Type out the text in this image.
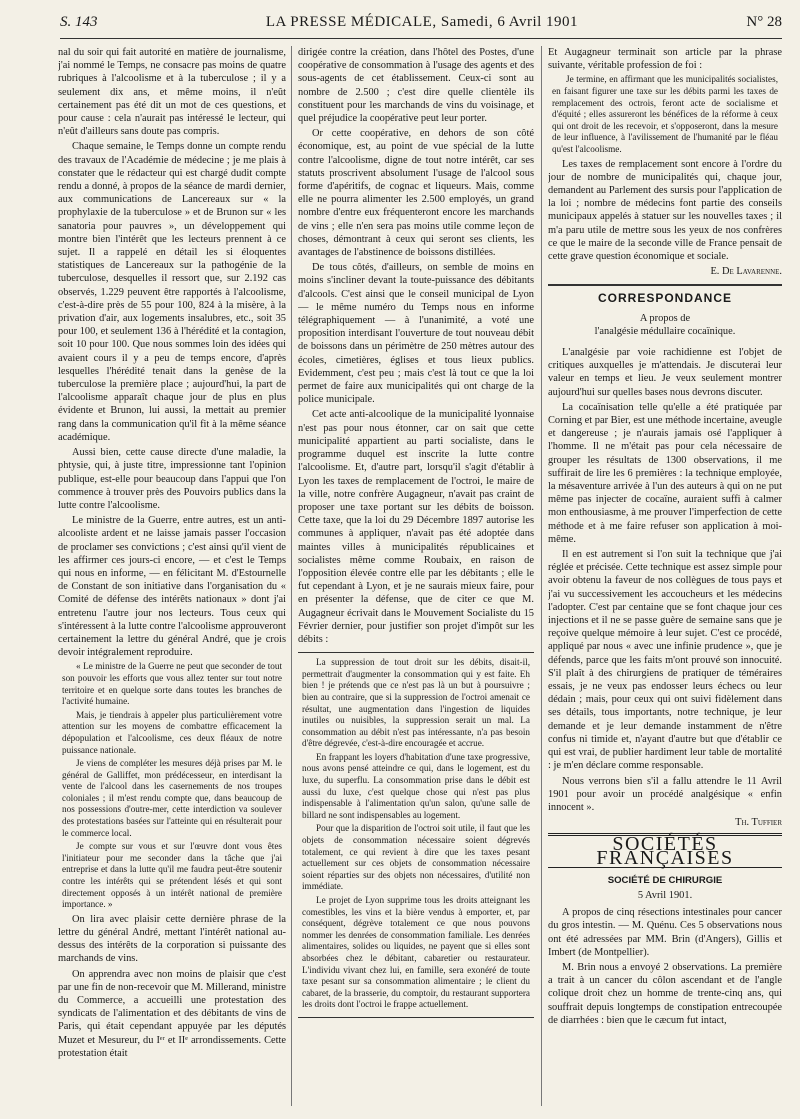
S. 143	LA PRESSE MÉDICALE, Samedi, 6 Avril 1901	N° 28

nal du soir qui fait autorité en matière de journalisme, j'ai nommé le Temps, ne consacre pas moins de quatre rubriques à l'alcoolisme et à la tuberculose ; il y a seulement dix ans, et même moins, il n'eût certainement pas été dit un mot de ces questions, et pour cause : cela n'aurait pas intéressé le lecteur, qui n'eût d'ailleurs sans doute pas compris.

Chaque semaine, le Temps donne un compte rendu des travaux de l'Académie de médecine ; je me plais à constater que le rédacteur qui est chargé dudit compte rendu a donné, à propos de la séance de mardi dernier, aux communications de Lancereaux sur « la prophylaxie de la tuberculose » et de Brunon sur « les sanatoria pour pauvres », un développement qui montre bien l'intérêt que les lecteurs prennent à ce sujet. Il a rappelé en détail les si éloquentes statistiques de Lancereaux sur la pathogénie de la tuberculose, desquelles il ressort que, sur 2.192 cas observés, 1.229 peuvent être rapportés à l'alcoolisme, c'est-à-dire près de 55 pour 100, 824 à la misère, à la privation d'air, aux logements insalubres, etc., soit 35 pour 100, et seulement 136 à l'hérédité et la contagion, soit 10 pour 100. Que nous sommes loin des idées qui avaient cours il y a peu de temps encore, d'après lesquelles l'hérédité tenait dans la genèse de la tuberculose la première place ; aujourd'hui, la part de l'alcoolisme apparaît chaque jour de plus en plus évidente et Brunon, lui aussi, la mettait au premier rang dans la communication qu'il fit à la même séance académique.

Aussi bien, cette cause directe d'une maladie, la phtysie, qui, à juste titre, impressionne tant l'opinion publique, est-elle pour beaucoup dans l'appui que l'on commence à trouver près des Pouvoirs publics dans la lutte contre l'alcoolisme.

Le ministre de la Guerre, entre autres, est un anti-alcooliste ardent et ne laisse jamais passer l'occasion de proclamer ses convictions ; c'est ainsi qu'il vient de les affirmer ces jours-ci encore, — et c'est le Temps qui nous en informe, — en félicitant M. d'Estournelle de Constant de son initiative dans l'organisation du « Comité de défense des intérêts nationaux » dont j'ai entretenu l'autre jour nos lecteurs. Tous ceux qui s'intéressent à la lutte contre l'alcoolisme approuveront certainement la lettre du général André, que je crois devoir intégralement reproduire.

« Le ministre de la Guerre ne peut que seconder de tout son pouvoir les efforts que vous allez tenter sur tout notre territoire et en quelque sorte dans toutes les branches de l'activité humaine.

Mais, je tiendrais à appeler plus particulièrement votre attention sur les moyens de combattre efficacement la dépopulation et l'alcoolisme, ces deux fléaux de notre puissance nationale.

Je viens de compléter les mesures déjà prises par M. le général de Galliffet, mon prédécesseur, en interdisant la vente de l'alcool dans les casernements de nos troupes coloniales ; il m'est rendu compte que, dans beaucoup de nos possessions d'outre-mer, cette interdiction va soulever des protestations basées sur l'atteinte qui en résulterait pour le commerce local.

Je compte sur vous et sur l'œuvre dont vous êtes l'initiateur pour me seconder dans la tâche que j'ai entreprise et dans la lutte qu'il me faudra peut-être soutenir contre les intérêts qui se prétendent lésés et qui sont directement opposés à un intérêt national de première importance. »

On lira avec plaisir cette dernière phrase de la lettre du général André, mettant l'intérêt national au-dessus des intérêts de la corporation si puissante des marchands de vins.

On apprendra avec non moins de plaisir que c'est par une fin de non-recevoir que M. Millerand, ministre du Commerce, a accueilli une protestation des syndicats de l'alimentation et des débitants de vins de Paris, qui était cependant appuyée par les députés Muzet et Mesureur, du Iᵉʳ et IIᵉ arrondissements. Cette protestation était

dirigée contre la création, dans l'hôtel des Postes, d'une coopérative de consommation à l'usage des agents et des sous-agents de cet établissement. Ceux-ci sont au nombre de 2.500 ; c'est dire quelle clientèle ils constituent pour les marchands de vins du voisinage, et quel préjudice la coopérative peut leur porter.

Or cette coopérative, en dehors de son côté économique, est, au point de vue spécial de la lutte contre l'alcoolisme, digne de tout notre intérêt, car ses statuts proscrivent absolument l'usage de l'alcool sous forme d'apéritifs, de cognac et liqueurs. Mais, comme elle ne pourra alimenter les 2.500 employés, un grand nombre d'entre eux fréquenteront encore les marchands de vins ; elle n'en sera pas moins utile comme leçon de choses, démontrant à ceux qui seront ses clients, les avantages de l'abstinence de boissons distillées.

De tous côtés, d'ailleurs, on semble de moins en moins s'incliner devant la toute-puissance des débitants d'alcools. C'est ainsi que le conseil municipal de Lyon — le même numéro du Temps nous en informe télégraphiquement — à l'unanimité, a voté une proposition interdisant l'ouverture de tout nouveau débit de boissons dans un périmètre de 250 mètres autour des écoles, cimetières, églises et tous lieux publics. Evidemment, c'est peu ; mais c'est là tout ce que la loi permet de faire aux municipalités qui ont charge de la police municipale.

Cet acte anti-alcoolique de la municipalité lyonnaise n'est pas pour nous étonner, car on sait que cette municipalité appartient au parti socialiste, dans le programme duquel est inscrite la lutte contre l'alcoolisme. Et, d'autre part, lorsqu'il s'agit d'établir à Lyon les taxes de remplacement de l'octroi, le maire de la ville, notre confrère Augagneur, n'avait pas craint de proposer une taxe portant sur les débits de boisson. Cette taxe, que la loi du 29 Décembre 1897 autorise les communes à appliquer, n'avait pas été adoptée dans maintes villes à municipalités républicaines et socialistes même comme Roubaix, en raison de l'opposition élevée contre elle par les débitants ; elle le fut cependant à Lyon, et je ne saurais mieux faire, pour en présenter la défense, que de citer ce que M. Augagneur écrivait dans le Mouvement Socialiste du 15 Février dernier, pour justifier son projet d'impôt sur les débits :

La suppression de tout droit sur les débits, disait-il, permettrait d'augmenter la consommation qui y est faite. Eh bien ! je prétends que ce n'est pas là un but à poursuivre ; bien au contraire, que si la suppression de l'octroi amenait ce résultat, une augmentation dans l'ingestion de liquides inutiles ou nuisibles, la suppression serait un mal. La consommation au débit n'est pas intéressante, n'a pas besoin d'être dégrevée, c'est-à-dire encouragée et accrue.

En frappant les loyers d'habitation d'une taxe progressive, nous avons pensé atteindre ce qui, dans le logement, est du luxe, du superflu. La consommation prise dans le débit est aussi du luxe, c'est quelque chose qui n'est pas plus indispensable à l'alimentation qu'un salon, qu'une salle de billard ne sont indispensables au logement.

Pour que la disparition de l'octroi soit utile, il faut que les objets de consommation nécessaire soient dégrevés totalement, ce qui revient à dire que les taxes pesant actuellement sur ces objets de consommation nécessaire soient réparties sur des objets non nécessaires, d'utilité non immédiate.

Le projet de Lyon supprime tous les droits atteignant les comestibles, les vins et la bière vendus à emporter, et, par conséquent, dégrève totalement ce que nous pouvons nommer les denrées de consommation familiale. Les denrées alimentaires, solides ou liquides, ne payent que si elles sont absorbées chez le débitant, cabaretier ou restaurateur. L'individu vivant chez lui, en famille, sera exonéré de toute taxe pesant sur sa consommation alimentaire ; le client du cabaret, de la brasserie, du comptoir, du restaurant supportera les droits dont l'octroi le frappe actuellement.

Et Augagneur terminait son article par la phrase suivante, véritable profession de foi :

Je termine, en affirmant que les municipalités socialistes, en faisant figurer une taxe sur les débits parmi les taxes de remplacement des octrois, feront acte de socialisme et d'équité ; elles assureront les bénéfices de la réforme à ceux qui ont droit de les recevoir, et s'opposeront, dans la mesure de leur influence, à l'avilissement de l'humanité par le fléau qu'est l'alcoolisme.

Les taxes de remplacement sont encore à l'ordre du jour de nombre de municipalités qui, chaque jour, demandent au Parlement des sursis pour l'application de la loi ; nombre de médecins font partie des conseils municipaux appelés à statuer sur les nouvelles taxes ; il m'a paru utile de mettre sous les yeux de nos confrères ce que le maire de la seconde ville de France pensait de cette grave question économique et sociale.

E. De Lavarenne.
CORRESPONDANCE
A propos de
l'analgésie médullaire cocaïnique.

L'analgésie par voie rachidienne est l'objet de critiques auxquelles je m'attendais. Je discuterai leur valeur en temps et lieu. Je veux seulement montrer aujourd'hui sur quelles bases nous devrons discuter.

La cocaïnisation telle qu'elle a été pratiquée par Corning et par Bier, est une méthode incertaine, aveugle et dangereuse ; je n'aurais jamais osé l'appliquer à l'homme. Il ne m'était pas pour cela nécessaire de grouper les résultats de 1300 observations, il me suffirait de lire les 6 premières : la technique employée, la mésaventure arrivée à l'un des auteurs à qui on ne put même pas injecter de cocaïne, auraient suffi à calmer mon enthousiasme, à me prouver l'imperfection de cette méthode et à me faire refuser son application à moi-même.

Il en est autrement si l'on suit la technique que j'ai réglée et précisée. Cette technique est assez simple pour avoir obtenu la faveur de nos collègues de tous pays et j'ai vu successivement les accoucheurs et les médecins l'adopter. C'est par centaine que se font chaque jour ces injections et il ne se passe guère de semaine sans que je reçoive quelque mémoire à leur sujet. C'est ce procédé, appliqué par nous « avec une infinie prudence », que je défends, parce que les faits m'ont prouvé son innocuité. S'il plaît à des chirurgiens de pratiquer de téméraires essais, je ne veux pas endosser leurs échecs ou leur dédain ; mais, pour ceux qui ont suivi fidèlement dans ses détails, tous importants, notre technique, je leur demande et je leur demande instamment de n'être confus ni timide et, n'ayant d'autre but que d'établir ce qui est vrai, de publier hardiment leur table de mortalité : je m'en déclare comme responsable.

Nous verrons bien s'il a fallu attendre le 11 Avril 1901 pour avoir un procédé analgésique « enfin innocent ».

Th. Tuffier
SOCIÉTÉS FRANÇAISES
SOCIÉTÉ DE CHIRURGIE
5 Avril 1901.

A propos de cinq résections intestinales pour cancer du gros intestin. — M. Quénu. Ces 5 observations nous ont été adressées par MM. Brin (d'Angers), Gillis et Imbert (de Montpellier).

M. Brin nous a envoyé 2 observations. La première a trait à un cancer du côlon ascendant et de l'angle colique droit chez un homme de trente-cinq ans, qui souffrait depuis longtemps de constipation entrecoupée de diarrhées : bien que le cæcum fut intact,
